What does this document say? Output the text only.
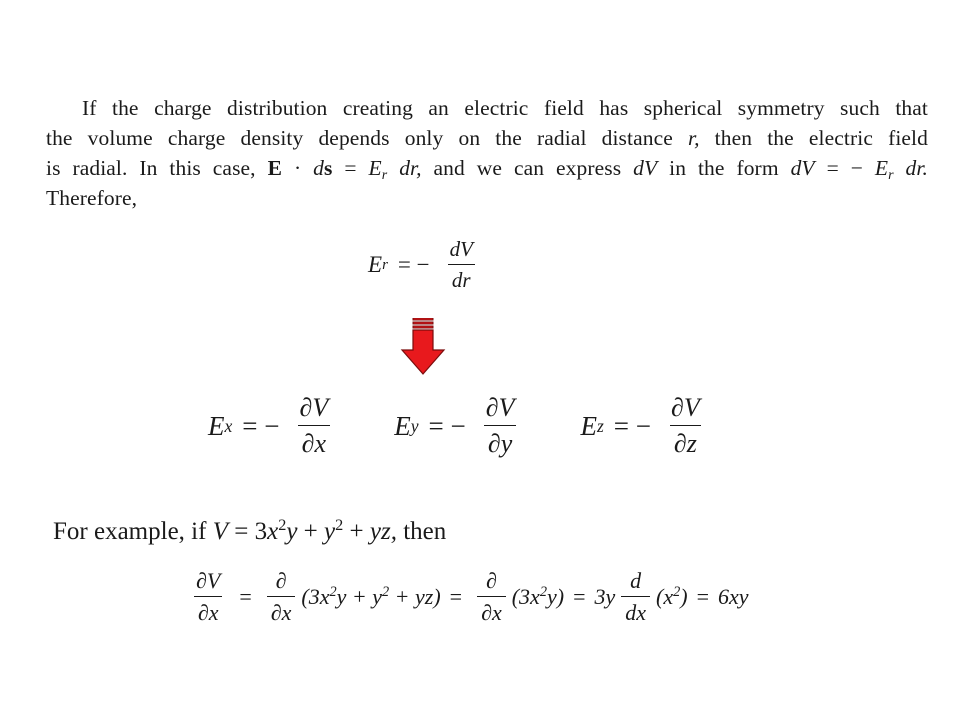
If the charge distribution creating an electric field has spherical symmetry such that
the volume charge density depends only on the radial distance r, then the electric field
is radial. In this case, E · ds = $E_r$ dr, and we can express dV in the form dV = − $E_r$ dr.
Therefore,
E r = − $\frac{dV}{dr}$
E x = − $\frac{\partial V}{\partial x}$ E y = − $\frac{\partial V}{\partial y}$ E z = − $\frac{\partial V}{\partial z}$
For example, if $V = 3x^2y + y^2$ + yz, then
$\frac{\partial V}{\partial x} = \frac{\partial}{\partial x} (3x^2y + y^2 + yz) = \frac{\partial}{\partial x} (3x^2y) = 3y \frac{d}{dx} (x^2) = 6xy$
